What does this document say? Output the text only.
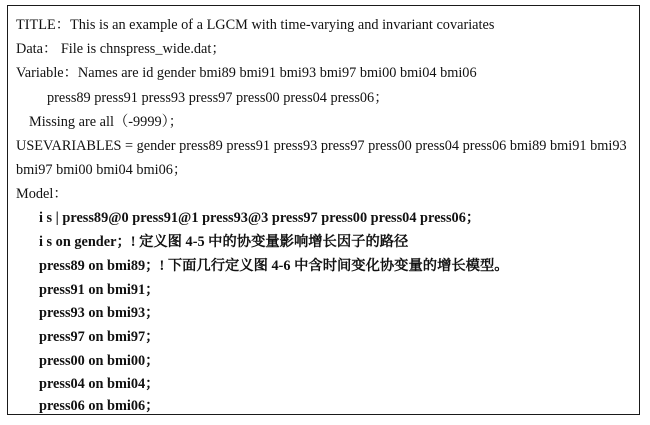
TITLE：This is an example of a LGCM with time-varying and invariant covariates
Data： File is chnspress_wide.dat；
Variable：Names are id gender bmi89 bmi91 bmi93 bmi97 bmi00 bmi04 bmi06
press89 press91 press93 press97 press00 press04 press06；
Missing are all（-9999）；
USEVARIABLES = gender press89 press91 press93 press97 press00 press04 press06 bmi89 bmi91 bmi93
bmi97 bmi00 bmi04 bmi06；
Model：
i s | press89@0 press91@1 press93@3 press97 press00 press04 press06；
i s on gender；! 定义图 4-5 中的协变量影响增长因子的路径
press89 on bmi89；! 下面几行定义图 4-6 中含时间变化协变量的增长模型。
press91 on bmi91；
press93 on bmi93；
press97 on bmi97；
press00 on bmi00；
press04 on bmi04；
press06 on bmi06；
